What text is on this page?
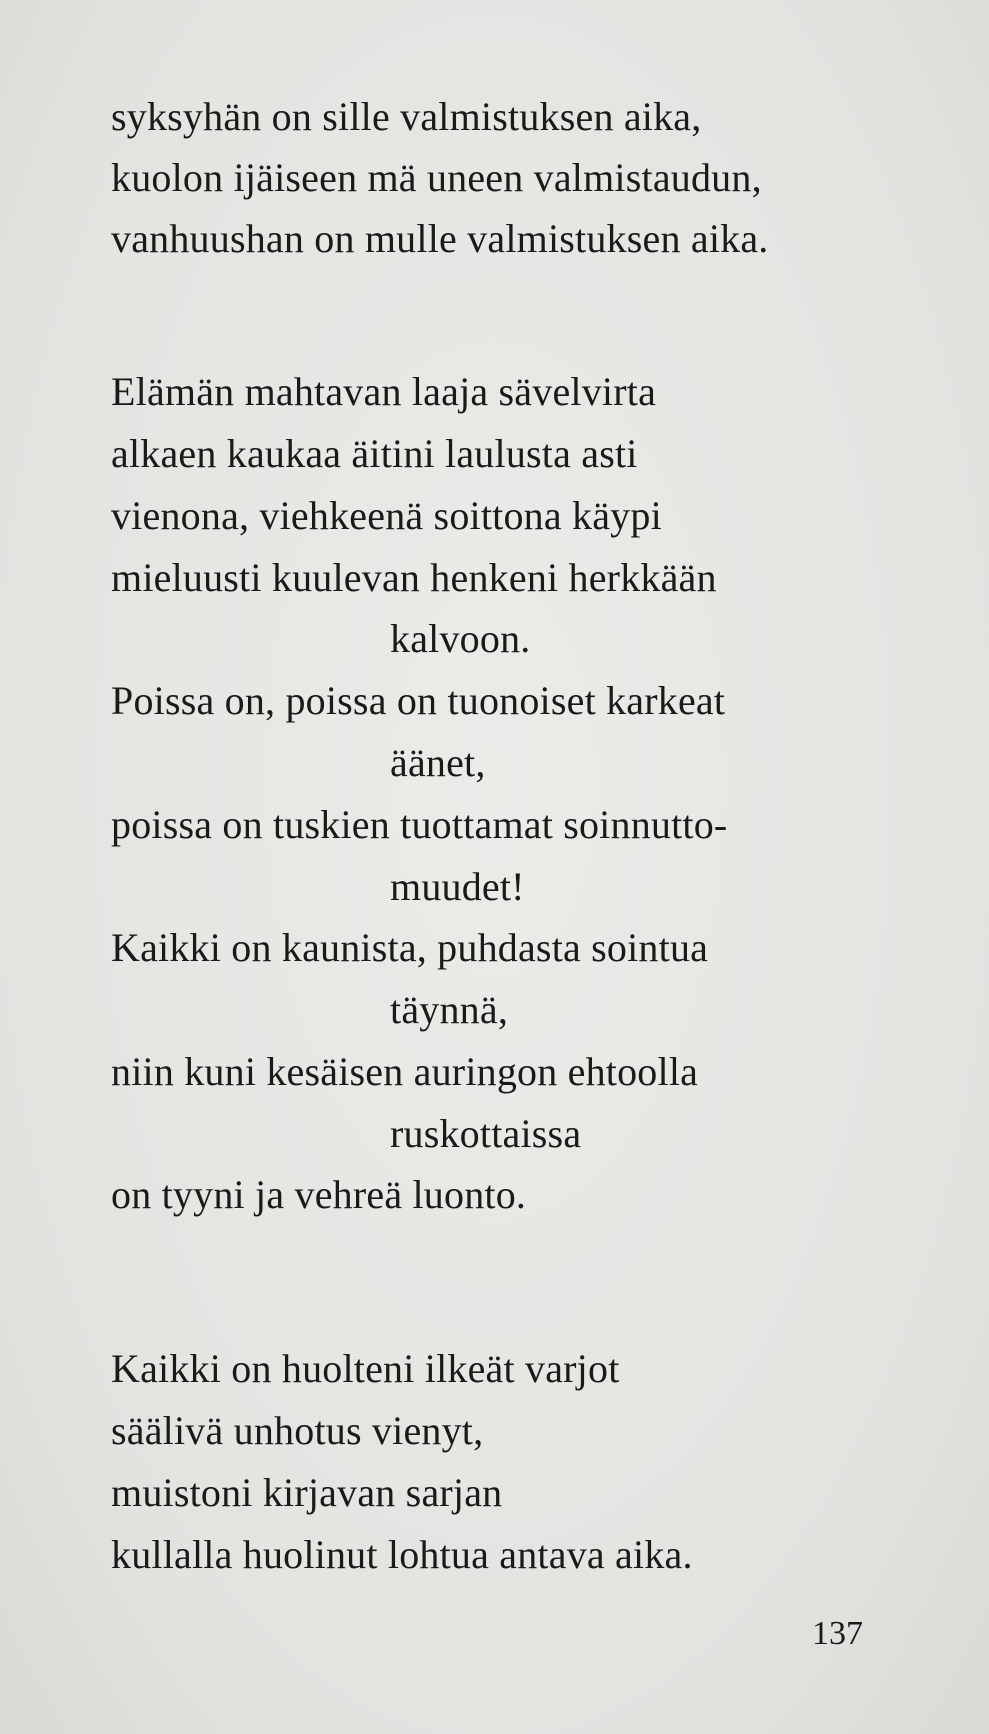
syksyhän on sille valmistuksen aika,

kuolon ijäiseen mä uneen valmistaudun,

vanhuushan on mulle valmistuksen aika.

Elämän mahtavan laaja sävelvirta

alkaen kaukaa äitini laulusta asti

vienona, viehkeenä soittona käypi

mieluusti kuulevan henkeni herkkään

kalvoon.

Poissa on, poissa on tuonoiset karkeat

äänet,

poissa on tuskien tuottamat soinnutto-

muudet!

Kaikki on kaunista, puhdasta sointua

täynnä,

niin kuni kesäisen auringon ehtoolla

ruskottaissa

on tyyni ja vehreä luonto.

Kaikki on huolteni ilkeät varjot

säälivä unhotus vienyt,

muistoni kirjavan sarjan

kullalla huolinut lohtua antava aika.

137
